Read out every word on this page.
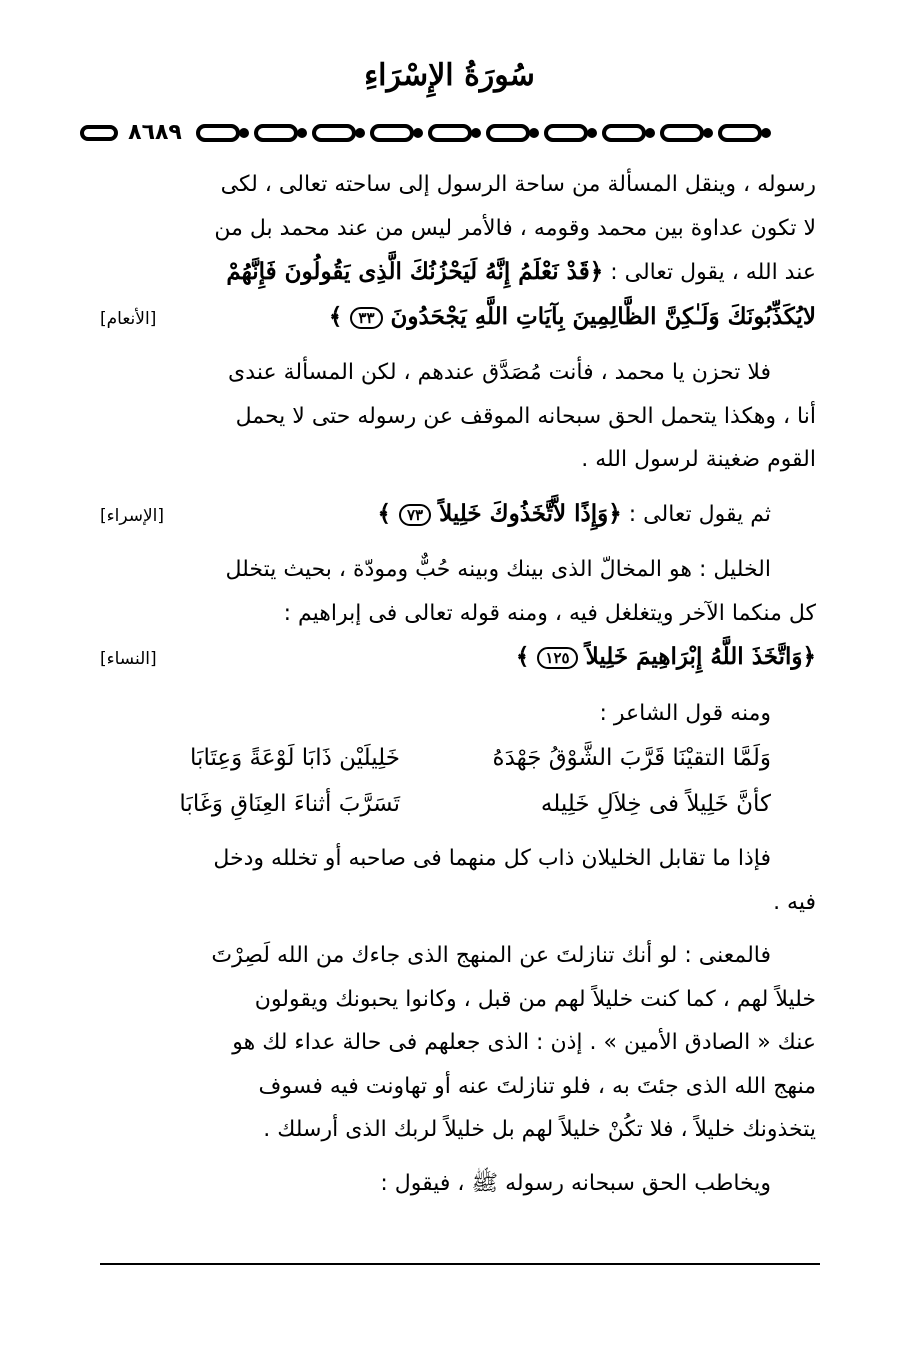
سُورَةُ الإِسْرَاءِ
٨٦٨٩

رسوله ، وينقل المسألة من ساحة الرسول إلى ساحته تعالى ، لكى
لا تكون عداوة بين محمد وقومه ، فالأمر ليس من عند محمد بل من
عند الله ، يقول تعالى : ﴿قَدْ نَعْلَمُ إِنَّهُ لَيَحْزُنُكَ الَّذِى يَقُولُونَ فَإِنَّهُمْ

لايُكَذِّبُونَكَ وَلَـٰكِنَّ الظَّالِمِينَ بِآيَاتِ اللَّهِ يَجْحَدُونَ ٣٣ ﴾
[الأنعام]

فلا تحزن يا محمد ، فأنت مُصَدَّق عندهم ، لكن المسألة عندى
أنا ، وهكذا يتحمل الحق سبحانه الموقف عن رسوله حتى لا يحمل
القوم ضغينة لرسول الله .

ثم يقول تعالى : ﴿وَإِذًا لاَّتَّخَذُوكَ خَلِيلاً ٧٣ ﴾
[الإسراء]

الخليل : هو المخالّ الذى بينك وبينه حُبٌّ ومودّة ، بحيث يتخلل
كل منكما الآخر ويتغلغل فيه ، ومنه قوله تعالى فى إبراهيم :

﴿وَاتَّخَذَ اللَّهُ إِبْرَاهِيمَ خَلِيلاً ١٢٥ ﴾
[النساء]

ومنه قول الشاعر :

وَلَمَّا التقيْنَا قَرَّبَ الشَّوْقُ جَهْدَهُ
خَلِيلَيْن ذَابَا لَوْعَةً وَعِتَابَا
كأنَّ خَلِيلاً فى خِلاَلِ خَلِيله
تَسَرَّبَ أثناءَ العِنَاقِ وَغَابَا

فإذا ما تقابل الخليلان ذاب كل منهما فى صاحبه أو تخلله ودخل
فيه .

فالمعنى : لو أنك تنازلتَ عن المنهج الذى جاءك من الله لَصِرْتَ
خليلاً لهم ، كما كنت خليلاً لهم من قبل ، وكانوا يحبونك ويقولون
عنك « الصادق الأمين » . إذن : الذى جعلهم فى حالة عداء لك هو
منهج الله الذى جئتَ به ، فلو تنازلتَ عنه أو تهاونت فيه فسوف
يتخذونك خليلاً ، فلا تكُنْ خليلاً لهم بل خليلاً لربك الذى أرسلك .

ويخاطب الحق سبحانه رسوله ﷺ ، فيقول :
